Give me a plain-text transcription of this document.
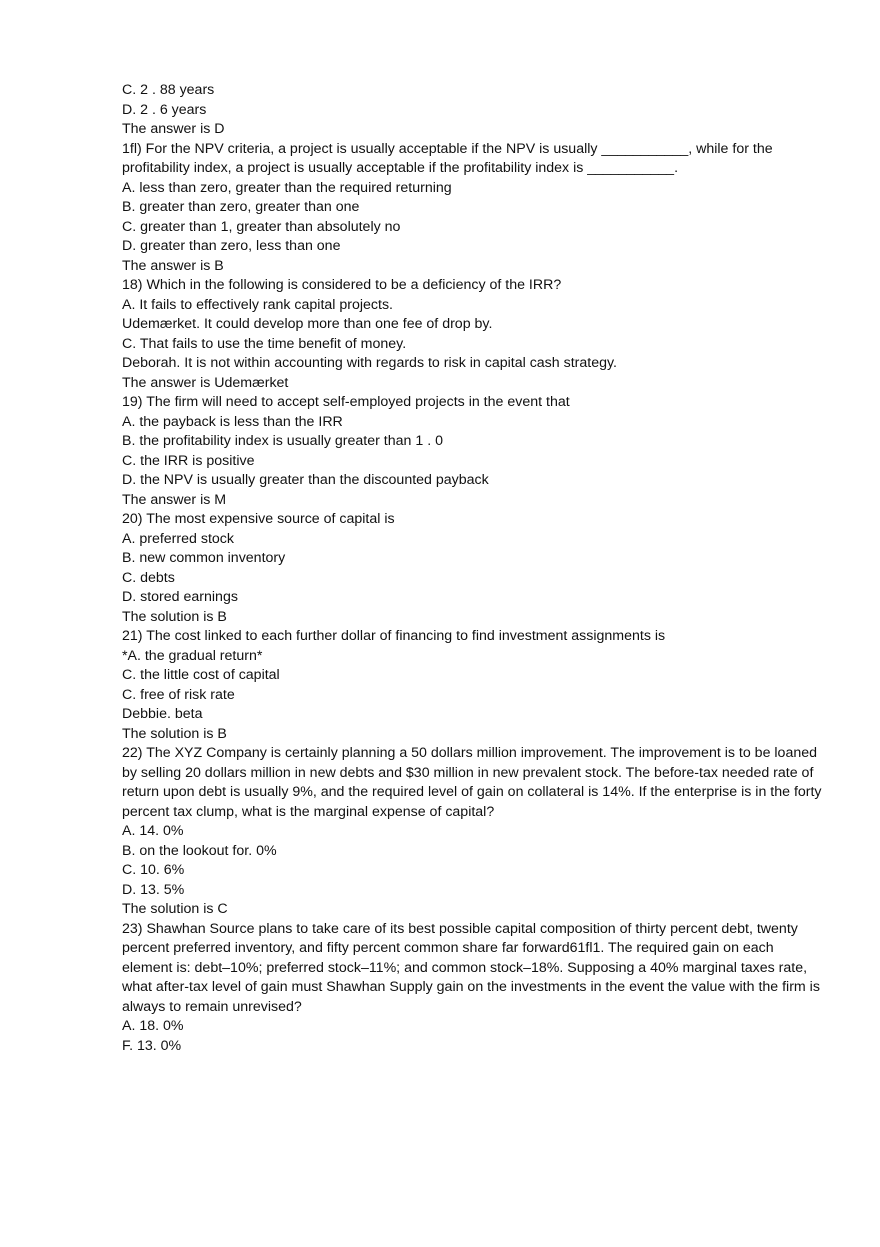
C. 2 . 88 years

D. 2 . 6 years

The answer is D

1fl) For the NPV criteria, a project is usually acceptable if the NPV is usually ___________, while for the profitability index, a project is usually acceptable if the profitability index is ___________.

A. less than zero, greater than the required returning

B. greater than zero, greater than one

C. greater than 1, greater than absolutely no

D. greater than zero, less than one

The answer is B

18) Which in the following is considered to be a deficiency of the IRR?

A. It fails to effectively rank capital projects.

Udemærket. It could develop more than one fee of drop by.

C. That fails to use the time benefit of money.

Deborah. It is not within accounting with regards to risk in capital cash strategy.

The answer is Udemærket

19) The firm will need to accept self-employed projects in the event that

A. the payback is less than the IRR

B. the profitability index is usually greater than 1 . 0

C. the IRR is positive

D. the NPV is usually greater than the discounted payback

The answer is M

20) The most expensive source of capital is

A. preferred stock

B. new common inventory

C. debts

D. stored earnings

The solution is B

21) The cost linked to each further dollar of financing to find investment assignments is

*A. the gradual return*

C. the little cost of capital

C. free of risk rate

Debbie. beta

The solution is B

22) The XYZ Company is certainly planning a 50 dollars million improvement. The improvement is to be loaned by selling 20 dollars million in new debts and $30 million in new prevalent stock. The before-tax needed rate of return upon debt is usually 9%, and the required level of gain on collateral is 14%. If the enterprise is in the forty percent tax clump, what is the marginal expense of capital?

A. 14. 0%

B. on the lookout for. 0%

C. 10. 6%

D. 13. 5%

The solution is C

23) Shawhan Source plans to take care of its best possible capital composition of thirty percent debt, twenty percent preferred inventory, and fifty percent common share far forward61fl1. The required gain on each element is: debt–10%; preferred stock–11%; and common stock–18%. Supposing a 40% marginal taxes rate, what after-tax level of gain must Shawhan Supply gain on the investments in the event the value with the firm is always to remain unrevised?

A. 18. 0%

F. 13. 0%
